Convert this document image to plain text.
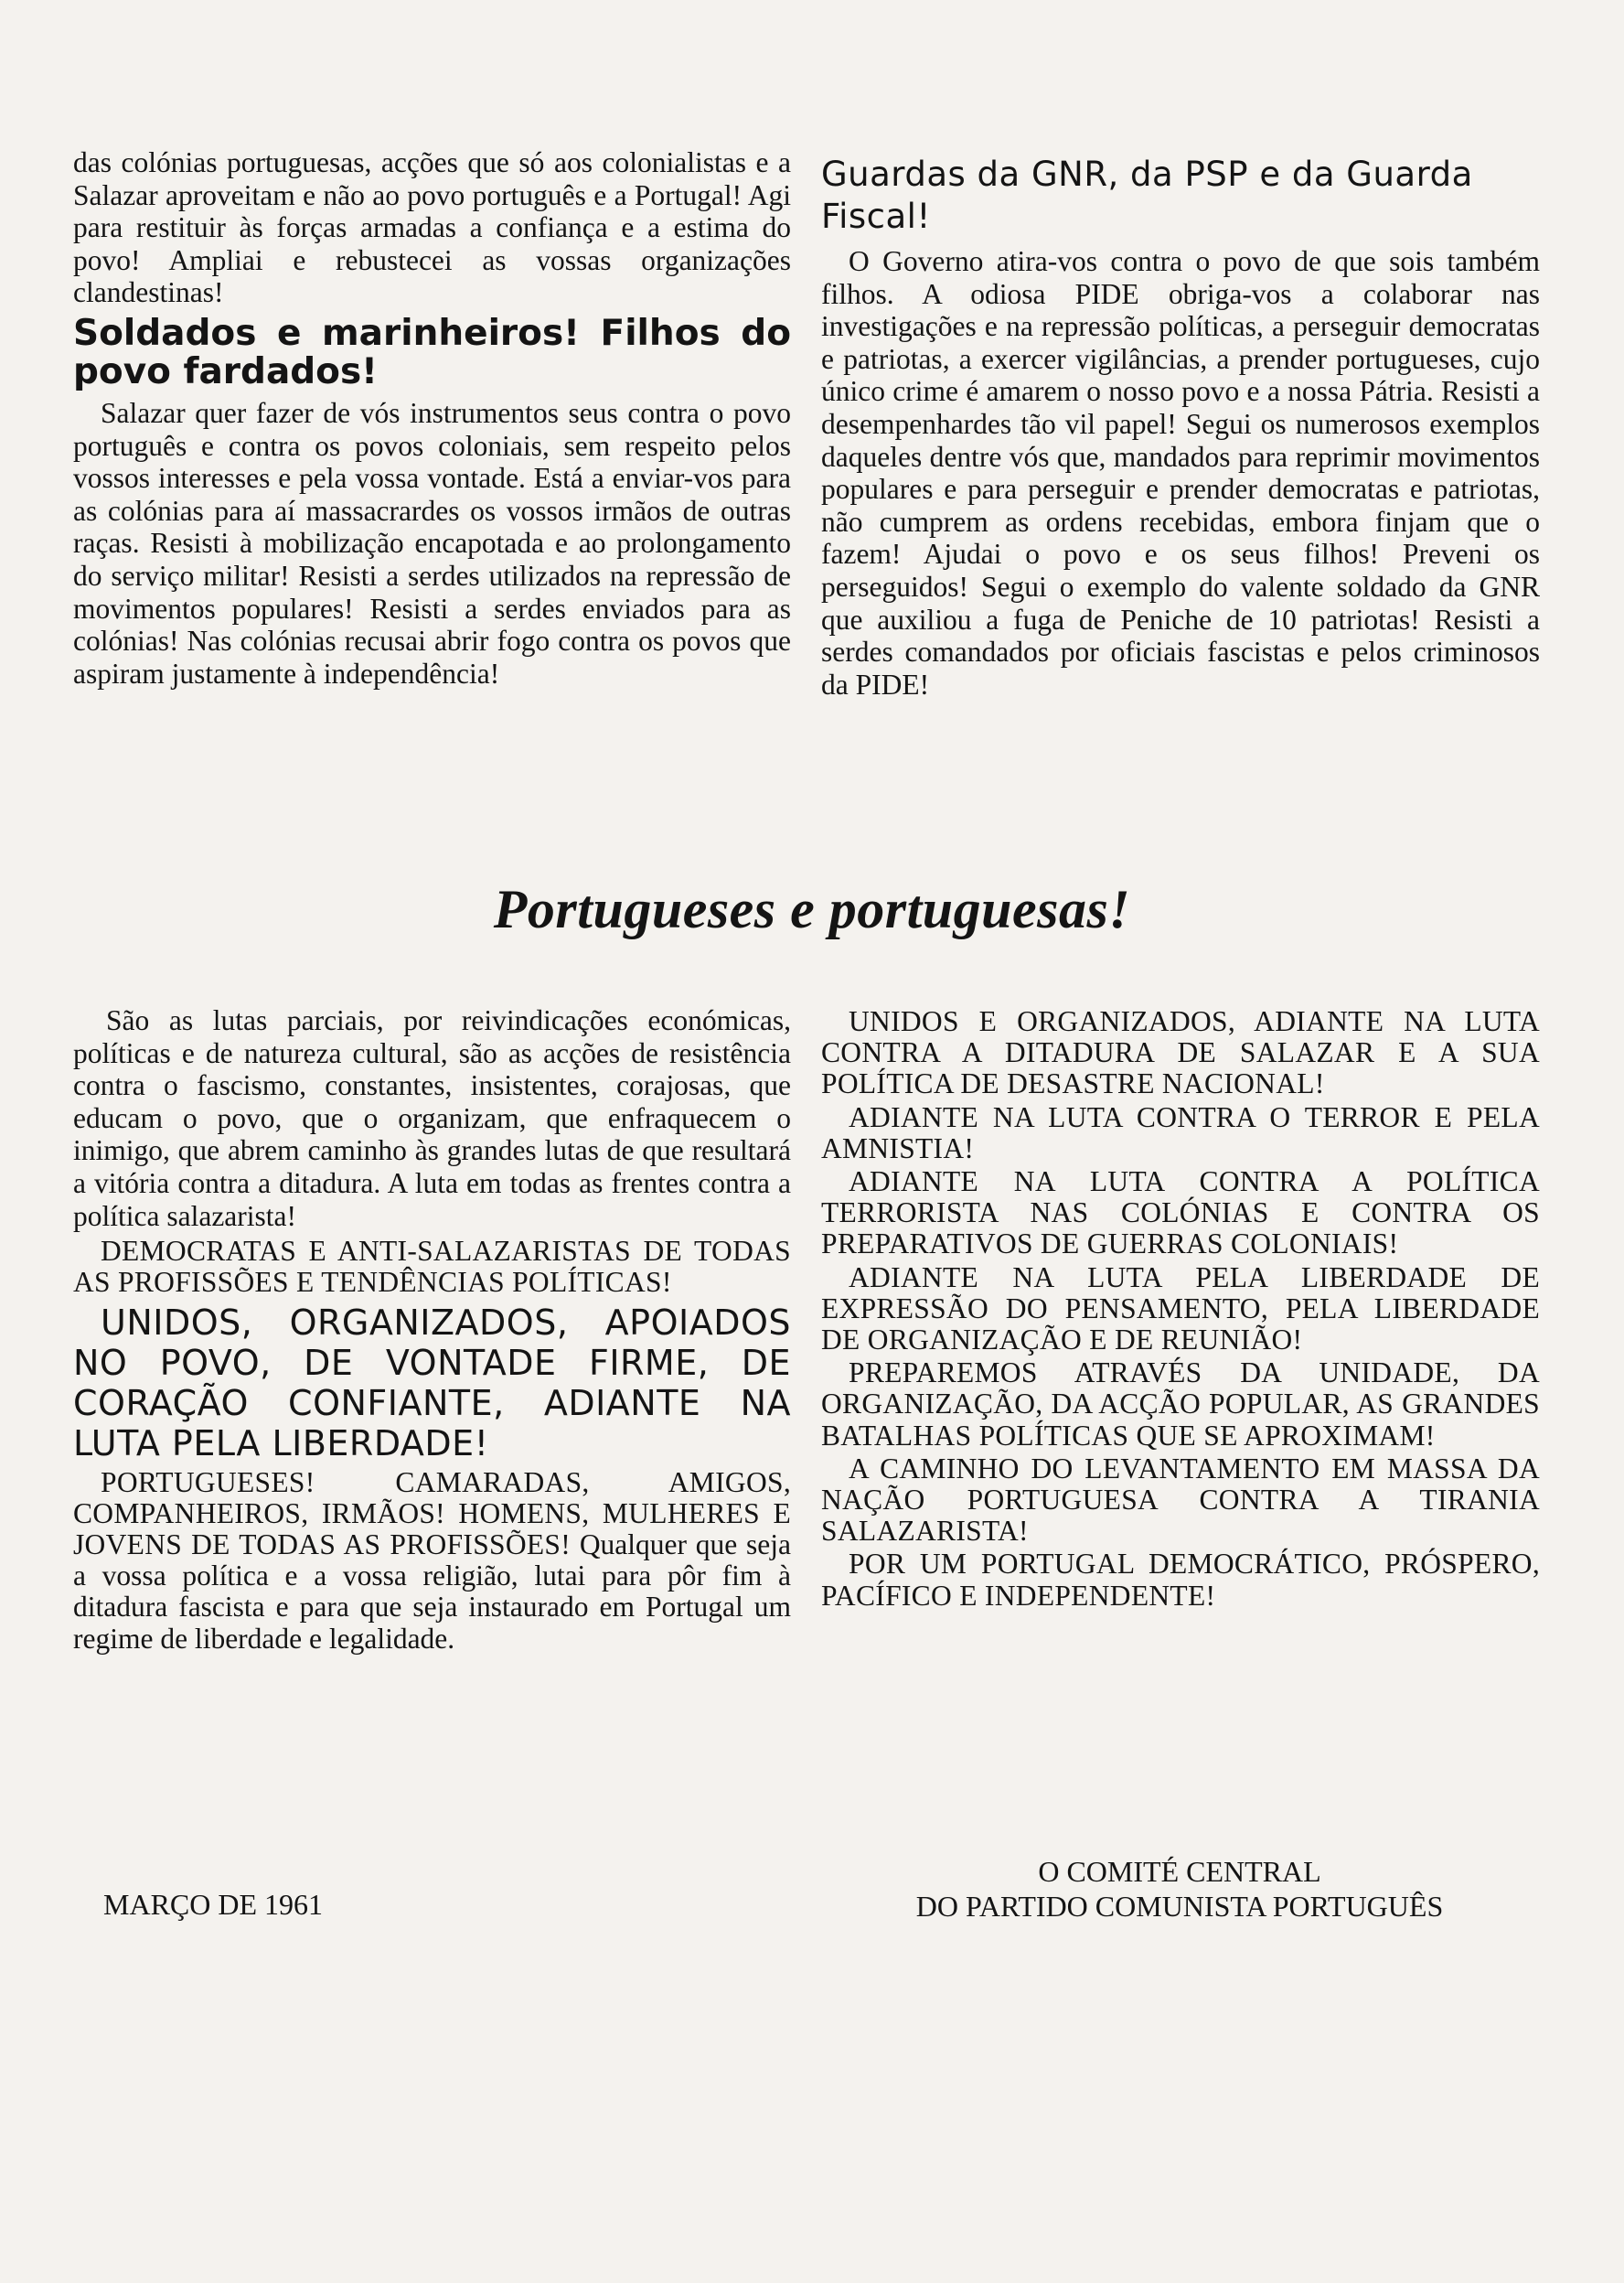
das colónias portuguesas, acções que só aos colonialistas e a Salazar aproveitam e não ao povo português e a Portugal! Agi para restituir às forças armadas a confiança e a estima do povo! Ampliai e rebustecei as vossas organizações clandestinas!

Soldados e marinheiros! Filhos do povo fardados!

Salazar quer fazer de vós instrumentos seus contra o povo português e contra os povos coloniais, sem respeito pelos vossos interesses e pela vossa vontade. Está a enviar-vos para as colónias para aí massacrardes os vossos irmãos de outras raças. Resisti à mobilização encapotada e ao prolongamento do serviço militar! Resisti a serdes utilizados na repressão de movimentos populares! Resisti a serdes enviados para as colónias! Nas colónias recusai abrir fogo contra os povos que aspiram justamente à independência!

Guardas da GNR, da PSP e da Guarda Fiscal!

O Governo atira-vos contra o povo de que sois também filhos. A odiosa PIDE obriga-vos a colaborar nas investigações e na repressão políticas, a perseguir democratas e patriotas, a exercer vigilâncias, a prender portugueses, cujo único crime é amarem o nosso povo e a nossa Pátria. Resisti a desempenhardes tão vil papel! Segui os numerosos exemplos daqueles dentre vós que, mandados para reprimir movimentos populares e para perseguir e prender democratas e patriotas, não cumprem as ordens recebidas, embora finjam que o fazem! Ajudai o povo e os seus filhos! Preveni os perseguidos! Segui o exemplo do valente soldado da GNR que auxiliou a fuga de Peniche de 10 patriotas! Resisti a serdes comandados por oficiais fascistas e pelos criminosos da PIDE!

Portugueses e portuguesas!

São as lutas parciais, por reivindicações económicas, políticas e de natureza cultural, são as acções de resistência contra o fascismo, constantes, insistentes, corajosas, que educam o povo, que o organizam, que enfraquecem o inimigo, que abrem caminho às grandes lutas de que resultará a vitória contra a ditadura. A luta em todas as frentes contra a política salazarista!

DEMOCRATAS E ANTI-SALAZARISTAS DE TODAS AS PROFISSÕES E TENDÊNCIAS POLÍTICAS!

UNIDOS, ORGANIZADOS, APOIADOS NO POVO, DE VONTADE FIRME, DE CORAÇÃO CONFIANTE, ADIANTE NA LUTA PELA LIBERDADE!

PORTUGUESES! CAMARADAS, AMIGOS, COMPANHEIROS, IRMÃOS! HOMENS, MULHERES E JOVENS DE TODAS AS PROFISSÕES! Qualquer que seja a vossa política e a vossa religião, lutai para pôr fim à ditadura fascista e para que seja instaurado em Portugal um regime de liberdade e legalidade.

UNIDOS E ORGANIZADOS, ADIANTE NA LUTA CONTRA A DITADURA DE SALAZAR E A SUA POLÍTICA DE DESASTRE NACIONAL!

ADIANTE NA LUTA CONTRA O TERROR E PELA AMNISTIA!

ADIANTE NA LUTA CONTRA A POLÍTICA TERRORISTA NAS COLÓNIAS E CONTRA OS PREPARATIVOS DE GUERRAS COLONIAIS!

ADIANTE NA LUTA PELA LIBERDADE DE EXPRESSÃO DO PENSAMENTO, PELA LIBERDADE DE ORGANIZAÇÃO E DE REUNIÃO!

PREPAREMOS ATRAVÉS DA UNIDADE, DA ORGANIZAÇÃO, DA ACÇÃO POPULAR, AS GRANDES BATALHAS POLÍTICAS QUE SE APROXIMAM!

A CAMINHO DO LEVANTAMENTO EM MASSA DA NAÇÃO PORTUGUESA CONTRA A TIRANIA SALAZARISTA!

POR UM PORTUGAL DEMOCRÁTICO, PRÓSPERO, PACÍFICO E INDEPENDENTE!

MARÇO DE 1961
O COMITÉ CENTRAL
DO PARTIDO COMUNISTA PORTUGUÊS
